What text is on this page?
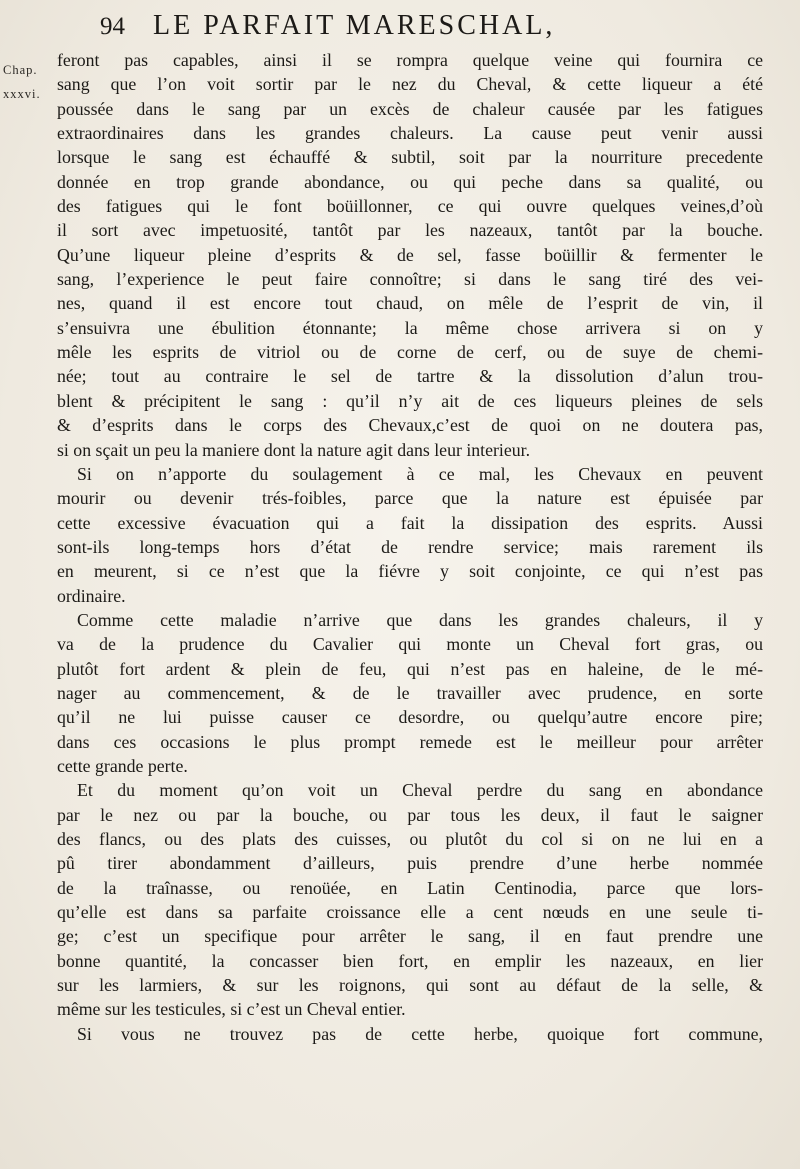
94 LE PARFAIT MARESCHAL,
Chap.
xxxvi.
feront pas capables, ainsi il se rompra quelque veine qui fournira ce
sang que l’on voit sortir par le nez du Cheval, & cette liqueur a été
poussée dans le sang par un excès de chaleur causée par les fatigues
extraordinaires dans les grandes chaleurs. La cause peut venir aussi
lorsque le sang est échauffé & subtil, soit par la nourriture precedente
donnée en trop grande abondance, ou qui peche dans sa qualité, ou
des fatigues qui le font boüillonner, ce qui ouvre quelques veines,d’où
il sort avec impetuosité, tantôt par les nazeaux, tantôt par la bouche.
Qu’une liqueur pleine d’esprits & de sel, fasse boüillir & fermenter le
sang, l’experience le peut faire connoître; si dans le sang tiré des vei-
nes, quand il est encore tout chaud, on mêle de l’esprit de vin, il
s’ensuivra une ébulition étonnante; la même chose arrivera si on y
mêle les esprits de vitriol ou de corne de cerf, ou de suye de chemi-
née; tout au contraire le sel de tartre & la dissolution d’alun trou-
blent & précipitent le sang : qu’il n’y ait de ces liqueurs pleines de sels
& d’esprits dans le corps des Chevaux,c’est de quoi on ne doutera pas,
si on sçait un peu la maniere dont la nature agit dans leur interieur.
Si on n’apporte du soulagement à ce mal, les Chevaux en peuvent
mourir ou devenir trés-foibles, parce que la nature est épuisée par
cette excessive évacuation qui a fait la dissipation des esprits. Aussi
sont-ils long-temps hors d’état de rendre service; mais rarement ils
en meurent, si ce n’est que la fiévre y soit conjointe, ce qui n’est pas
ordinaire.
Comme cette maladie n’arrive que dans les grandes chaleurs, il y
va de la prudence du Cavalier qui monte un Cheval fort gras, ou
plutôt fort ardent & plein de feu, qui n’est pas en haleine, de le mé-
nager au commencement, & de le travailler avec prudence, en sorte
qu’il ne lui puisse causer ce desordre, ou quelqu’autre encore pire;
dans ces occasions le plus prompt remede est le meilleur pour arrêter
cette grande perte.
Et du moment qu’on voit un Cheval perdre du sang en abondance
par le nez ou par la bouche, ou par tous les deux, il faut le saigner
des flancs, ou des plats des cuisses, ou plutôt du col si on ne lui en a
pû tirer abondamment d’ailleurs, puis prendre d’une herbe nommée
de la traînasse, ou renoüée, en Latin Centinodia, parce que lors-
qu’elle est dans sa parfaite croissance elle a cent nœuds en une seule ti-
ge; c’est un specifique pour arrêter le sang, il en faut prendre une
bonne quantité, la concasser bien fort, en emplir les nazeaux, en lier
sur les larmiers, & sur les roignons, qui sont au défaut de la selle, &
même sur les testicules, si c’est un Cheval entier.
Si vous ne trouvez pas de cette herbe, quoique fort commune,
